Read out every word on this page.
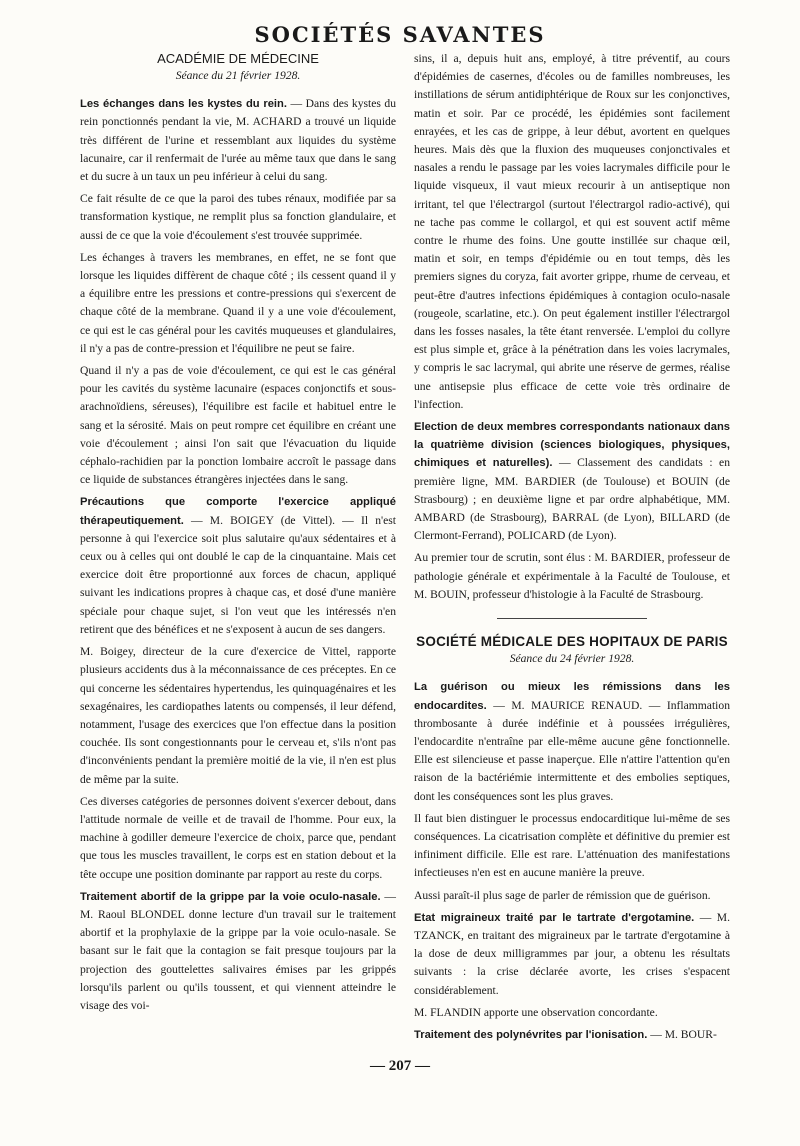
SOCIÉTÉS SAVANTES
ACADÉMIE DE MÉDECINE
Séance du 21 février 1928.

Les échanges dans les kystes du rein. — Dans des kystes du rein ponctionnés pendant la vie, M. ACHARD a trouvé un liquide très différent de l'urine et ressemblant aux liquides du système lacunaire, car il renfermait de l'urée au même taux que dans le sang et du sucre à un taux un peu inférieur à celui du sang.

Ce fait résulte de ce que la paroi des tubes rénaux, modifiée par sa transformation kystique, ne remplit plus sa fonction glandulaire, et aussi de ce que la voie d'écoulement s'est trouvée supprimée.

Les échanges à travers les membranes, en effet, ne se font que lorsque les liquides diffèrent de chaque côté ; ils cessent quand il y a équilibre entre les pressions et contre-pressions qui s'exercent de chaque côté de la membrane. Quand il y a une voie d'écoulement, ce qui est le cas général pour les cavités muqueuses et glandulaires, il n'y a pas de contre-pression et l'équilibre ne peut se faire.

Quand il n'y a pas de voie d'écoulement, ce qui est le cas général pour les cavités du système lacunaire (espaces conjonctifs et sous-arachnoïdiens, séreuses), l'équilibre est facile et habituel entre le sang et la sérosité. Mais on peut rompre cet équilibre en créant une voie d'écoulement ; ainsi l'on sait que l'évacuation du liquide céphalo-rachidien par la ponction lombaire accroît le passage dans ce liquide de substances étrangères injectées dans le sang.

Précautions que comporte l'exercice appliqué thérapeutiquement. — M. BOIGEY (de Vittel). — Il n'est personne à qui l'exercice soit plus salutaire qu'aux sédentaires et à ceux ou à celles qui ont doublé le cap de la cinquantaine. Mais cet exercice doit être proportionné aux forces de chacun, appliqué suivant les indications propres à chaque cas, et dosé d'une manière spéciale pour chaque sujet, si l'on veut que les intéressés n'en retirent que des bénéfices et ne s'exposent à aucun de ses dangers.

M. Boigey, directeur de la cure d'exercice de Vittel, rapporte plusieurs accidents dus à la méconnaissance de ces préceptes. En ce qui concerne les sédentaires hypertendus, les quinquagénaires et les sexagénaires, les cardiopathes latents ou compensés, il leur défend, notamment, l'usage des exercices que l'on effectue dans la position couchée. Ils sont congestionnants pour le cerveau et, s'ils n'ont pas d'inconvénients pendant la première moitié de la vie, il n'en est plus de même par la suite.

Ces diverses catégories de personnes doivent s'exercer debout, dans l'attitude normale de veille et de travail de l'homme. Pour eux, la machine à godiller demeure l'exercice de choix, parce que, pendant que tous les muscles travaillent, le corps est en station debout et la tête occupe une position dominante par rapport au reste du corps.

Traitement abortif de la grippe par la voie oculo-nasale. — M. Raoul BLONDEL donne lecture d'un travail sur le traitement abortif et la prophylaxie de la grippe par la voie oculo-nasale. Se basant sur le fait que la contagion se fait presque toujours par la projection des gouttelettes salivaires émises par les grippés lorsqu'ils parlent ou qu'ils toussent, et qui viennent atteindre le visage des voi-

sins, il a, depuis huit ans, employé, à titre préventif, au cours d'épidémies de casernes, d'écoles ou de familles nombreuses, les instillations de sérum antidiphtérique de Roux sur les conjonctives, matin et soir. Par ce procédé, les épidémies sont facilement enrayées, et les cas de grippe, à leur début, avortent en quelques heures. Mais dès que la fluxion des muqueuses conjonctivales et nasales a rendu le passage par les voies lacrymales difficile pour le liquide visqueux, il vaut mieux recourir à un antiseptique non irritant, tel que l'électrargol (surtout l'électrargol radio-activé), qui ne tache pas comme le collargol, et qui est souvent actif même contre le rhume des foins. Une goutte instillée sur chaque œil, matin et soir, en temps d'épidémie ou en tout temps, dès les premiers signes du coryza, fait avorter grippe, rhume de cerveau, et peut-être d'autres infections épidémiques à contagion oculo-nasale (rougeole, scarlatine, etc.). On peut également instiller l'électrargol dans les fosses nasales, la tête étant renversée. L'emploi du collyre est plus simple et, grâce à la pénétration dans les voies lacrymales, y compris le sac lacrymal, qui abrite une réserve de germes, réalise une antisepsie plus efficace de cette voie très ordinaire de l'infection.

Election de deux membres correspondants nationaux dans la quatrième division (sciences biologiques, physiques, chimiques et naturelles). — Classement des candidats : en première ligne, MM. BARDIER (de Toulouse) et BOUIN (de Strasbourg) ; en deuxième ligne et par ordre alphabétique, MM. AMBARD (de Strasbourg), BARRAL (de Lyon), BILLARD (de Clermont-Ferrand), POLICARD (de Lyon).

Au premier tour de scrutin, sont élus : M. BARDIER, professeur de pathologie générale et expérimentale à la Faculté de Toulouse, et M. BOUIN, professeur d'histologie à la Faculté de Strasbourg.

SOCIÉTÉ MÉDICALE DES HOPITAUX DE PARIS
Séance du 24 février 1928.

La guérison ou mieux les rémissions dans les endocardites. — M. MAURICE RENAUD. — Inflammation thrombosante à durée indéfinie et à poussées irrégulières, l'endocardite n'entraîne par elle-même aucune gêne fonctionnelle. Elle est silencieuse et passe inaperçue. Elle n'attire l'attention qu'en raison de la bactériémie intermittente et des embolies septiques, dont les conséquences sont les plus graves.

Il faut bien distinguer le processus endocarditique lui-même de ses conséquences. La cicatrisation complète et définitive du premier est infiniment difficile. Elle est rare. L'atténuation des manifestations infectieuses n'en est en aucune manière la preuve.

Aussi paraît-il plus sage de parler de rémission que de guérison.

Etat migraineux traité par le tartrate d'ergotamine. — M. TZANCK, en traitant des migraineux par le tartrate d'ergotamine à la dose de deux milligrammes par jour, a obtenu les résultats suivants : la crise déclarée avorte, les crises s'espacent considérablement.

M. FLANDIN apporte une observation concordante.

Traitement des polynévrites par l'ionisation. — M. BOUR-

— 207 —
